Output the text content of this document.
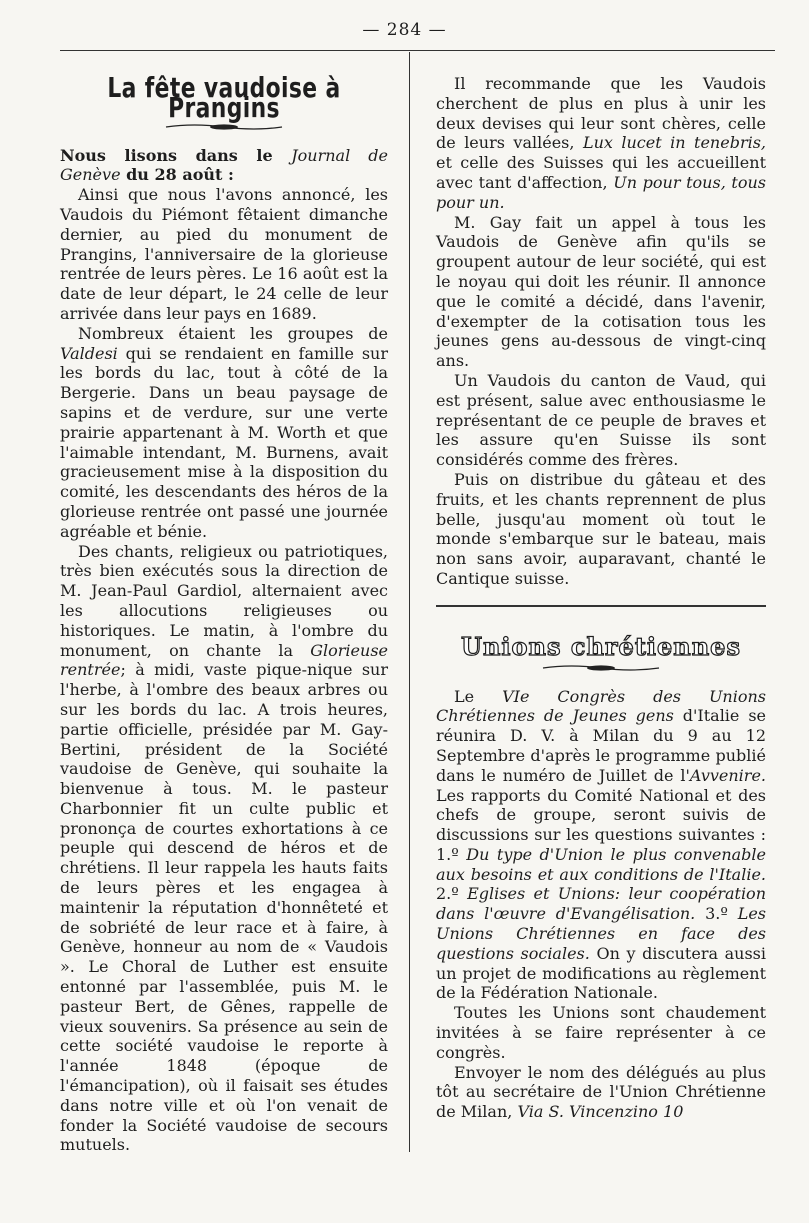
— 284 —
La fête vaudoise à Prangins

Nous lisons dans le Journal de Genève du 28 août :

Ainsi que nous l'avons annoncé, les Vaudois du Piémont fêtaient dimanche dernier, au pied du monument de Prangins, l'anniversaire de la glorieuse rentrée de leurs pères. Le 16 août est la date de leur départ, le 24 celle de leur arrivée dans leur pays en 1689.

Nombreux étaient les groupes de Valdesi qui se rendaient en famille sur les bords du lac, tout à côté de la Bergerie. Dans un beau paysage de sapins et de verdure, sur une verte prairie appartenant à M. Worth et que l'aimable intendant, M. Burnens, avait gracieusement mise à la disposition du comité, les descendants des héros de la glorieuse rentrée ont passé une journée agréable et bénie.

Des chants, religieux ou patriotiques, très bien exécutés sous la direction de M. Jean-Paul Gardiol, alternaient avec les allocutions religieuses ou historiques. Le matin, à l'ombre du monument, on chante la Glorieuse rentrée; à midi, vaste pique-nique sur l'herbe, à l'ombre des beaux arbres ou sur les bords du lac. A trois heures, partie officielle, présidée par M. Gay-Bertini, président de la Société vaudoise de Genève, qui souhaite la bienvenue à tous. M. le pasteur Charbonnier fit un culte public et prononça de courtes exhortations à ce peuple qui descend de héros et de chrétiens. Il leur rappela les hauts faits de leurs pères et les engagea à maintenir la réputation d'honnêteté et de sobriété de leur race et à faire, à Genève, honneur au nom de « Vaudois ». Le Choral de Luther est ensuite entonné par l'assemblée, puis M. le pasteur Bert, de Gênes, rappelle de vieux souvenirs. Sa présence au sein de cette société vaudoise le reporte à l'année 1848 (époque de l'émancipation), où il faisait ses études dans notre ville et où l'on venait de fonder la Société vaudoise de secours mutuels.

Il recommande que les Vaudois cherchent de plus en plus à unir les deux devises qui leur sont chères, celle de leurs vallées, Lux lucet in tenebris, et celle des Suisses qui les accueillent avec tant d'affection, Un pour tous, tous pour un.

M. Gay fait un appel à tous les Vaudois de Genève afin qu'ils se groupent autour de leur société, qui est le noyau qui doit les réunir. Il annonce que le comité a décidé, dans l'avenir, d'exempter de la cotisation tous les jeunes gens au-dessous de vingt-cinq ans.

Un Vaudois du canton de Vaud, qui est présent, salue avec enthousiasme le représentant de ce peuple de braves et les assure qu'en Suisse ils sont considérés comme des frères.

Puis on distribue du gâteau et des fruits, et les chants reprennent de plus belle, jusqu'au moment où tout le monde s'embarque sur le bateau, mais non sans avoir, auparavant, chanté le Cantique suisse.

Unions chrétiennes

Le VIe Congrès des Unions Chrétiennes de Jeunes gens d'Italie se réunira D. V. à Milan du 9 au 12 Septembre d'après le programme publié dans le numéro de Juillet de l'Avvenire. Les rapports du Comité National et des chefs de groupe, seront suivis de discussions sur les questions suivantes : 1.º Du type d'Union le plus convenable aux besoins et aux conditions de l'Italie. 2.º Eglises et Unions: leur coopération dans l'œuvre d'Evangélisation. 3.º Les Unions Chrétiennes en face des questions sociales. On y discutera aussi un projet de modifications au règlement de la Fédération Nationale.

Toutes les Unions sont chaudement invitées à se faire représenter à ce congrès.

Envoyer le nom des délégués au plus tôt au secrétaire de l'Union Chrétienne de Milan, Via S. Vincenzino 10
